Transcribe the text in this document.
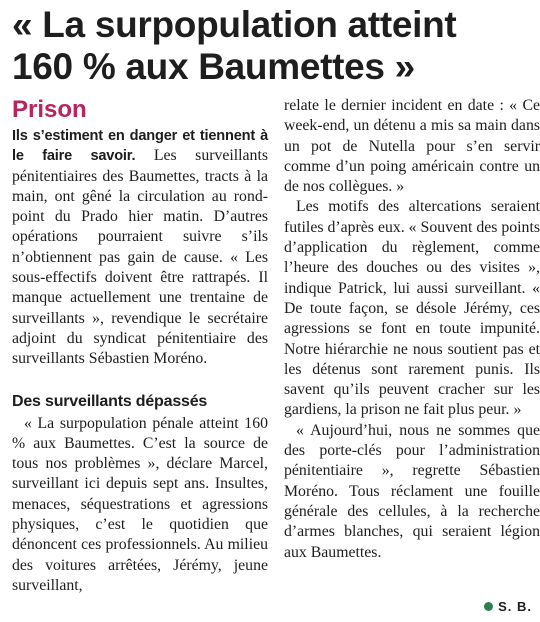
« La surpopulation atteint
160 % aux Baumettes »
Prison

Ils s’estiment en danger et tiennent à le faire savoir. Les surveillants pénitentiaires des Baumettes, tracts à la main, ont gêné la circulation au rond-point du Prado hier matin. D’autres opérations pourraient suivre s’ils n’obtiennent pas gain de cause. « Les sous-effectifs doivent être rattrapés. Il manque actuellement une trentaine de surveillants », revendique le secrétaire adjoint du syndicat pénitentiaire des surveillants Sébastien Moréno.

Des surveillants dépassés

« La surpopulation pénale atteint 160 % aux Baumettes. C’est la source de tous nos problèmes », déclare Marcel, surveillant ici depuis sept ans. Insultes, menaces, séquestrations et agressions physiques, c’est le quotidien que dénoncent ces professionnels. Au milieu des voitures arrêtées, Jérémy, jeune surveillant,

relate le dernier incident en date : « Ce week-end, un détenu a mis sa main dans un pot de Nutella pour s’en servir comme d’un poing américain contre un de nos collègues. »

Les motifs des altercations seraient futiles d’après eux. « Souvent des points d’application du règlement, comme l’heure des douches ou des visites », indique Patrick, lui aussi surveillant. « De toute façon, se désole Jérémy, ces agressions se font en toute impunité. Notre hiérarchie ne nous soutient pas et les détenus sont rarement punis. Ils savent qu’ils peuvent cracher sur les gardiens, la prison ne fait plus peur. »

« Aujourd’hui, nous ne sommes que des porte-clés pour l’administration pénitentiaire », regrette Sébastien Moréno. Tous réclament une fouille générale des cellules, à la recherche d’armes blanches, qui seraient légion aux Baumettes.

S. B.
